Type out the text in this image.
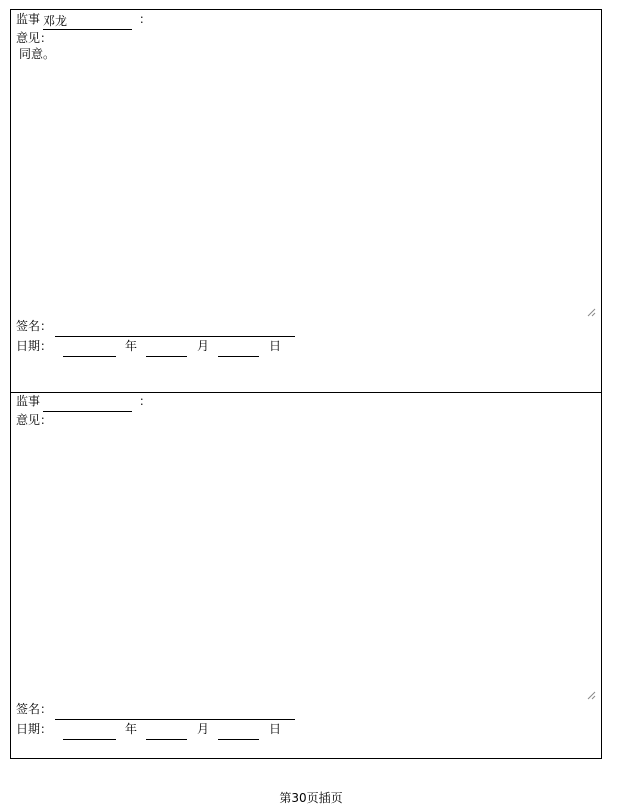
监事 邓龙	：
意见：
同意。
签名：
日期：	年	月	日
监事	：
意见：
签名：
日期：	年	月	日
第30页插页
